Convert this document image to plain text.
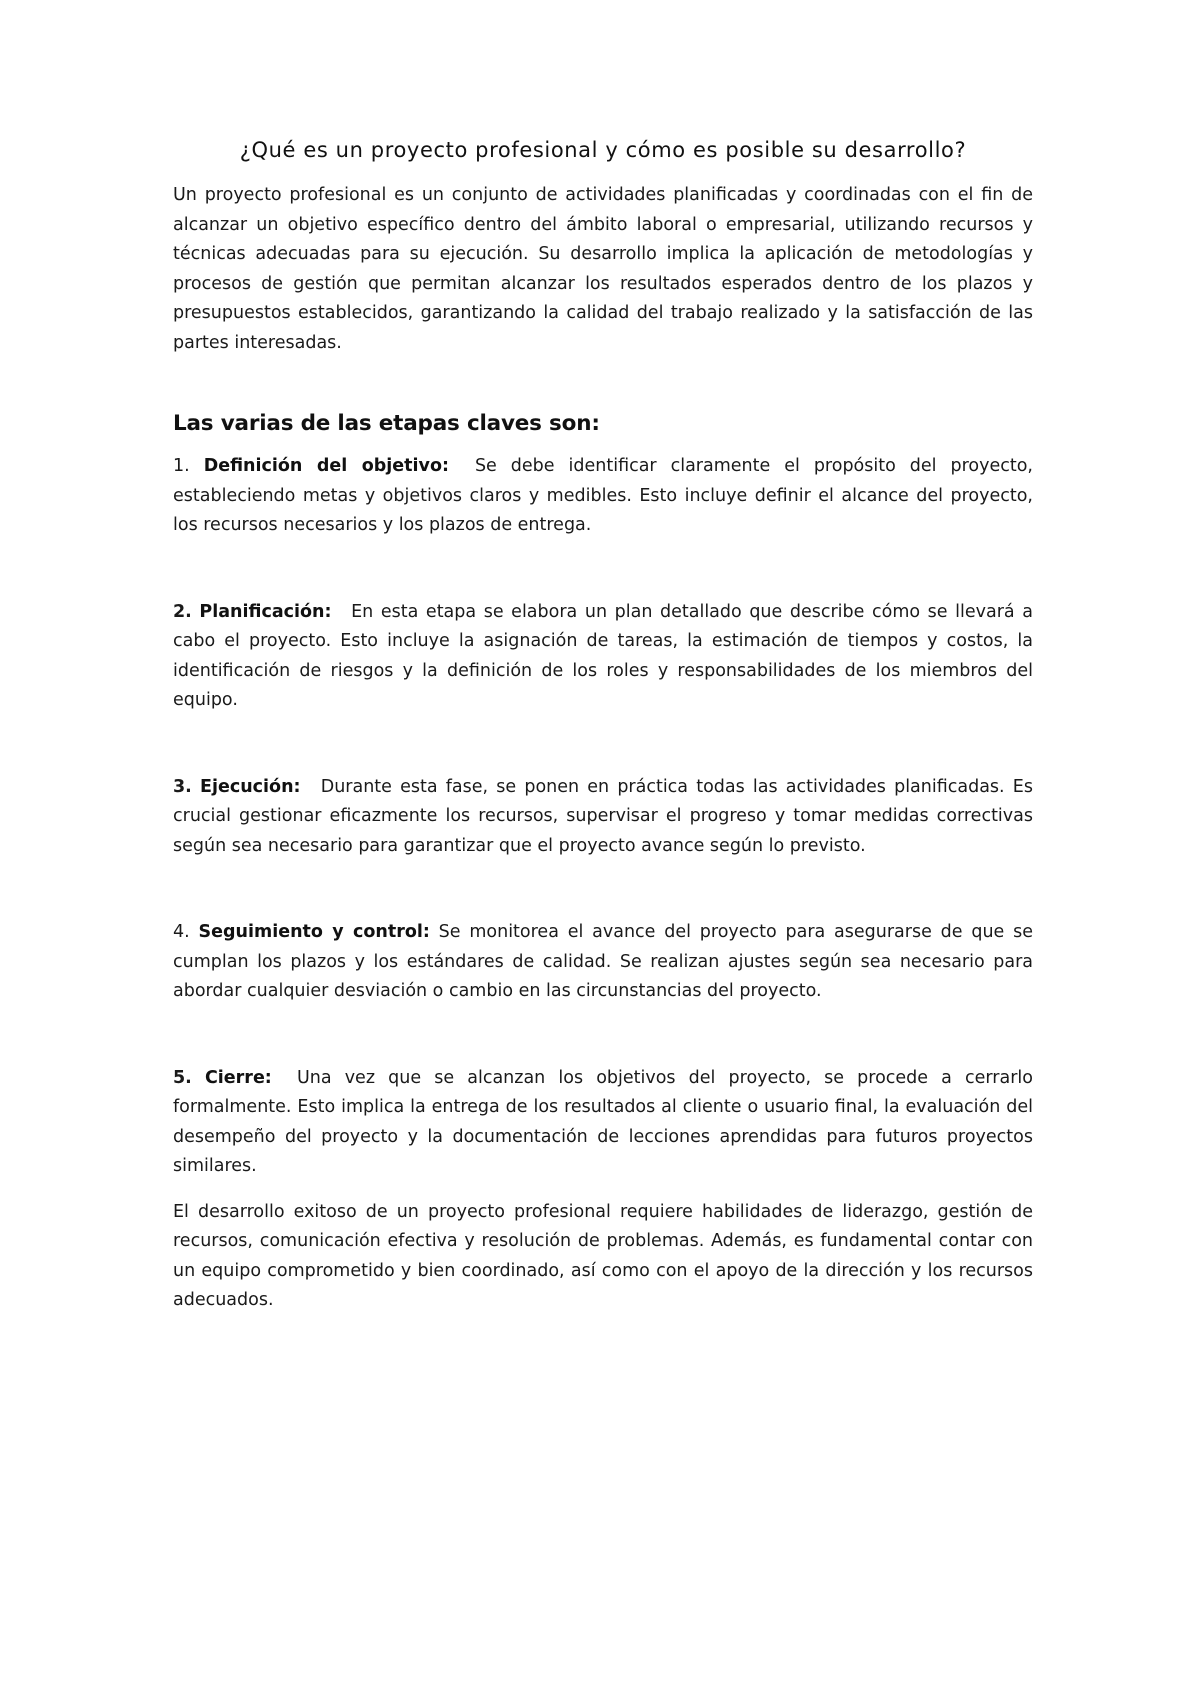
¿Qué es un proyecto profesional y cómo es posible su desarrollo?

Un proyecto profesional es un conjunto de actividades planificadas y coordinadas con el fin de alcanzar un objetivo específico dentro del ámbito laboral o empresarial, utilizando recursos y técnicas adecuadas para su ejecución. Su desarrollo implica la aplicación de metodologías y procesos de gestión que permitan alcanzar los resultados esperados dentro de los plazos y presupuestos establecidos, garantizando la calidad del trabajo realizado y la satisfacción de las partes interesadas.

Las varias de las etapas claves son:

1. Definición del objetivo: Se debe identificar claramente el propósito del proyecto, estableciendo metas y objetivos claros y medibles. Esto incluye definir el alcance del proyecto, los recursos necesarios y los plazos de entrega.

2. Planificación: En esta etapa se elabora un plan detallado que describe cómo se llevará a cabo el proyecto. Esto incluye la asignación de tareas, la estimación de tiempos y costos, la identificación de riesgos y la definición de los roles y responsabilidades de los miembros del equipo.

3. Ejecución: Durante esta fase, se ponen en práctica todas las actividades planificadas. Es crucial gestionar eficazmente los recursos, supervisar el progreso y tomar medidas correctivas según sea necesario para garantizar que el proyecto avance según lo previsto.

4. Seguimiento y control: Se monitorea el avance del proyecto para asegurarse de que se cumplan los plazos y los estándares de calidad. Se realizan ajustes según sea necesario para abordar cualquier desviación o cambio en las circunstancias del proyecto.

5. Cierre: Una vez que se alcanzan los objetivos del proyecto, se procede a cerrarlo formalmente. Esto implica la entrega de los resultados al cliente o usuario final, la evaluación del desempeño del proyecto y la documentación de lecciones aprendidas para futuros proyectos similares.

El desarrollo exitoso de un proyecto profesional requiere habilidades de liderazgo, gestión de recursos, comunicación efectiva y resolución de problemas. Además, es fundamental contar con un equipo comprometido y bien coordinado, así como con el apoyo de la dirección y los recursos adecuados.
